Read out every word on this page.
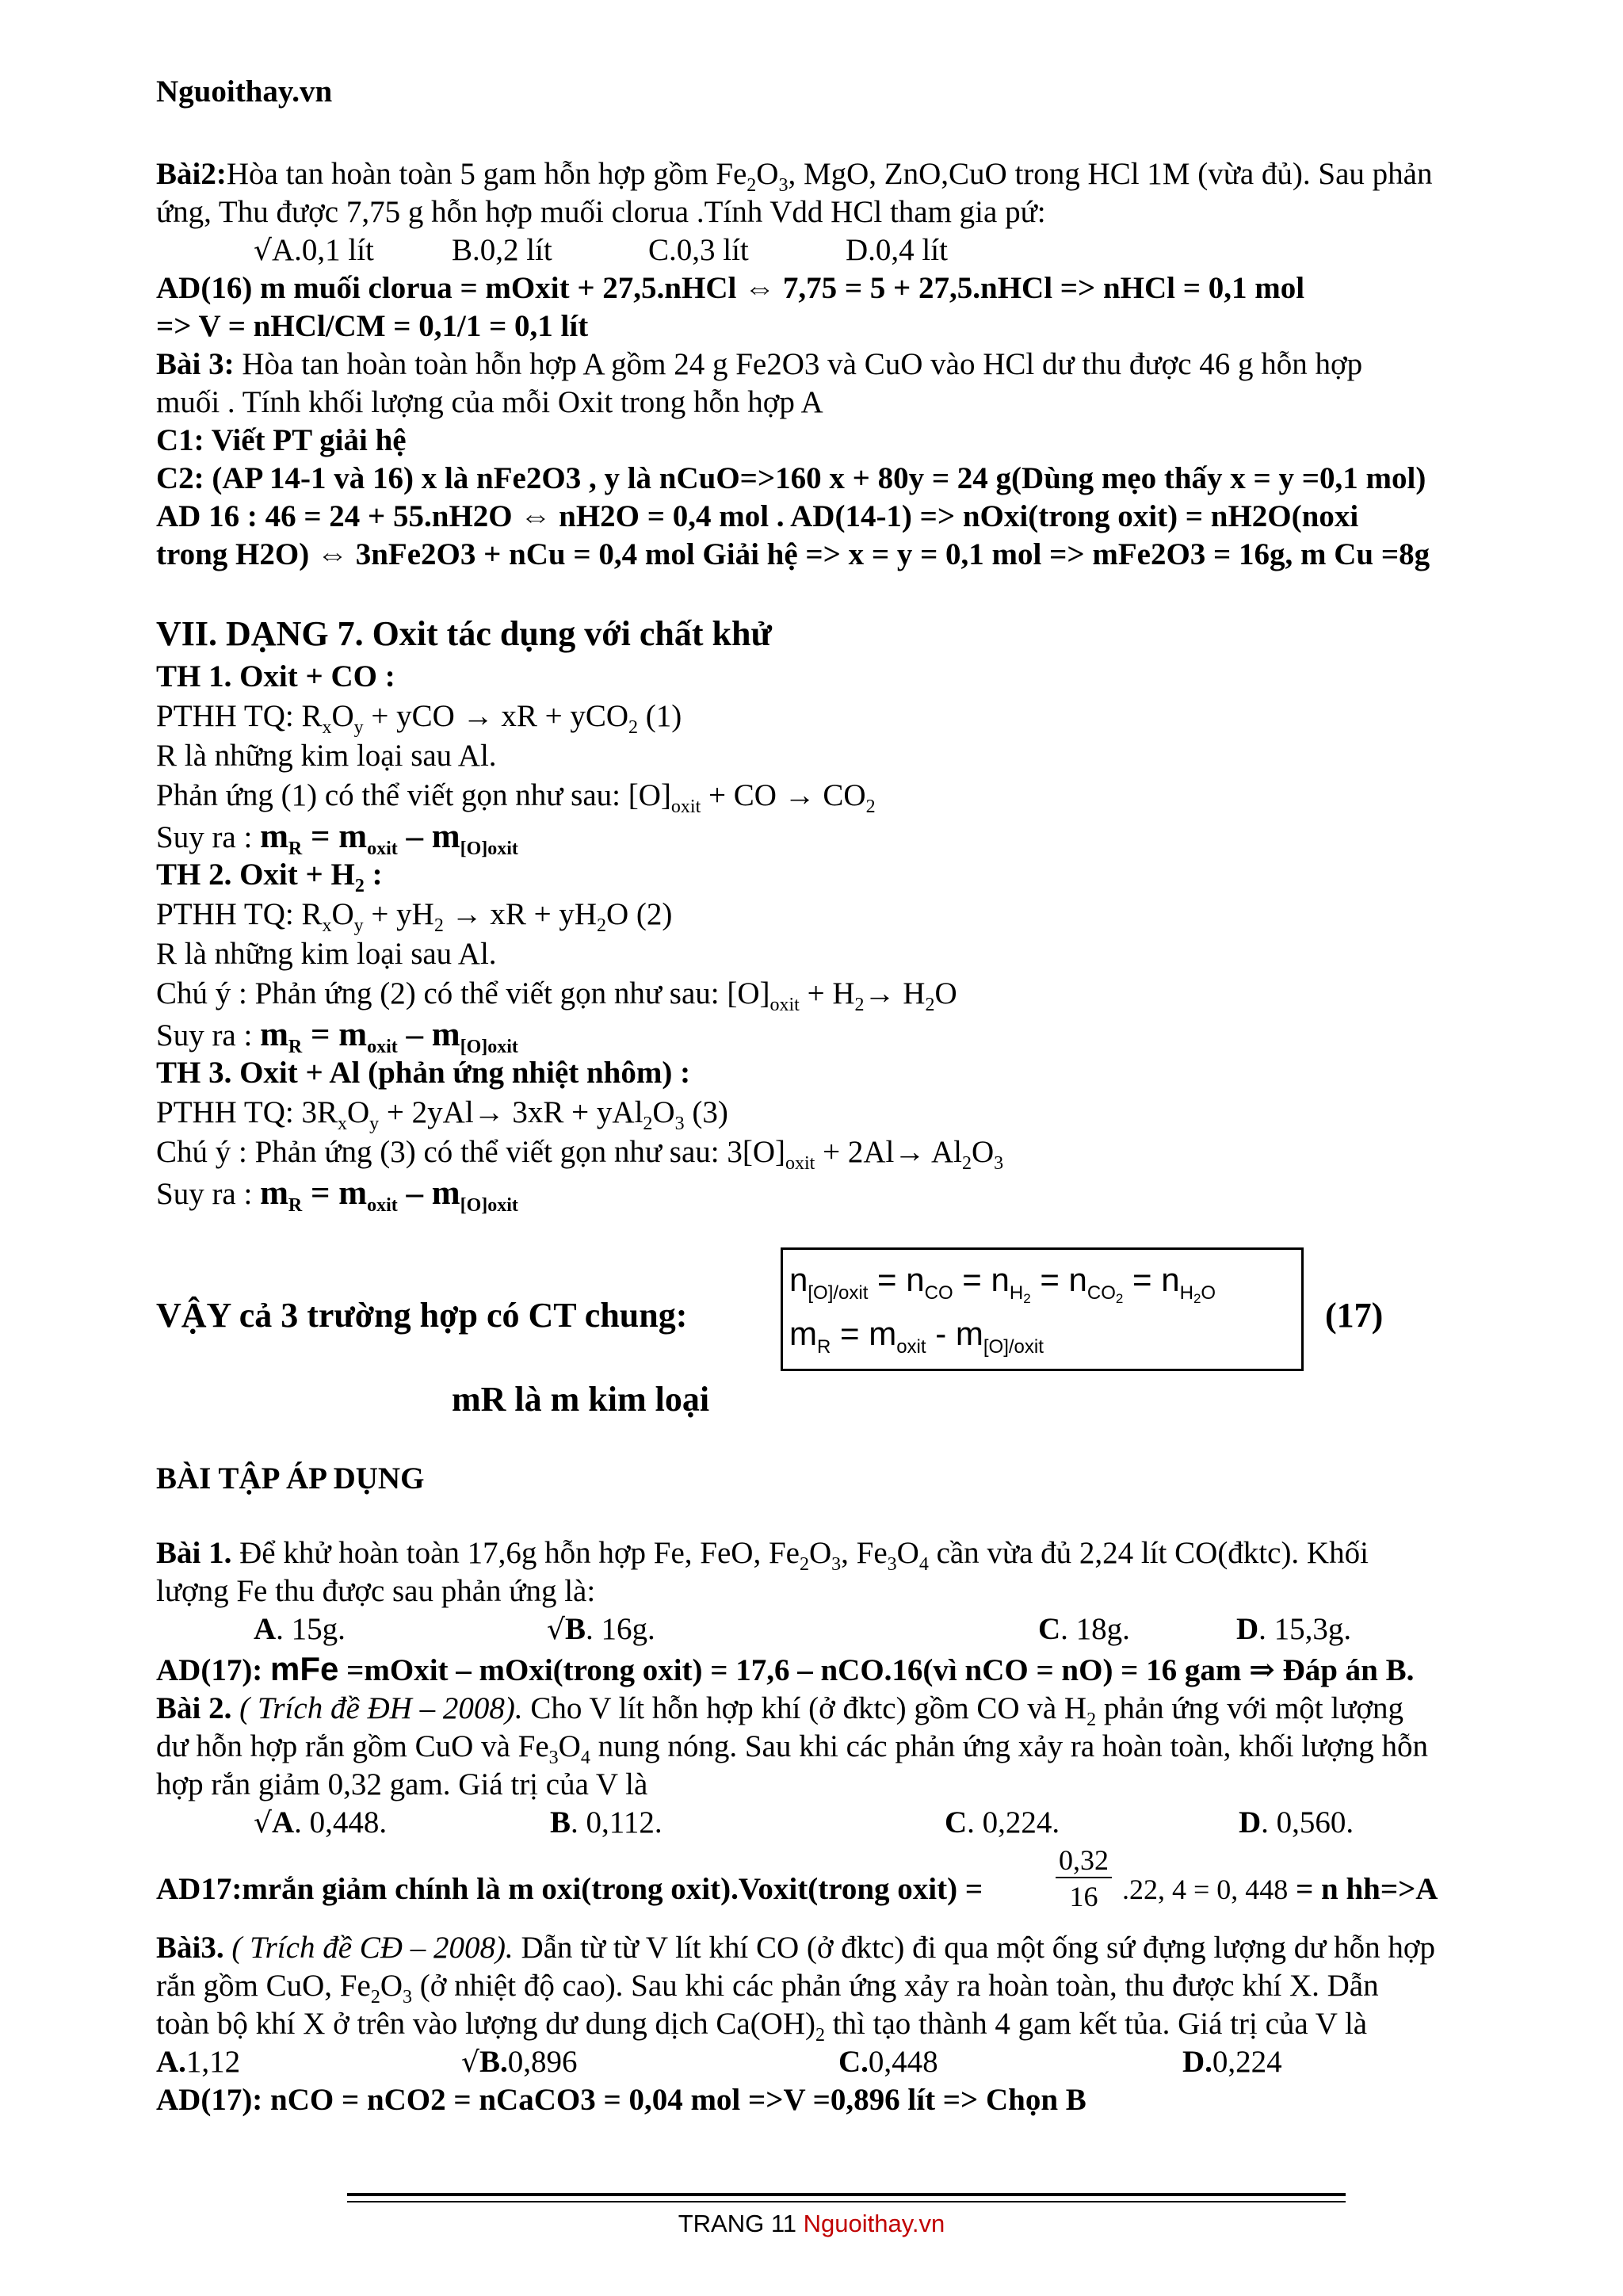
Nguoithay.vn
Bài2:Hòa tan hoàn toàn 5 gam hỗn hợp gồm $Fe_2O_3$, MgO, ZnO,CuO trong HCl 1M (vừa đủ). Sau phản
ứng, Thu được 7,75 g hỗn hợp muối clorua .Tính Vdd HCl tham gia pứ:
√A.0,1 lít	B.0,2 lít	C.0,3 lít	D.0,4 lít
AD(16) m muối clorua = mOxit + 27,5.nHCl ⇔ 7,75 = 5 + 27,5.nHCl => nHCl = 0,1 mol
=> V = nHCl/CM = 0,1/1 = 0,1 lít
Bài 3: Hòa tan hoàn toàn hỗn hợp A gồm 24 g Fe2O3 và CuO vào HCl dư thu được 46 g hỗn hợp
muối . Tính khối lượng của mỗi Oxit trong hỗn hợp A
C1: Viết PT giải hệ
C2: (AP 14-1 và 16) x là nFe2O3 , y là nCuO=>160 x + 80y = 24 g(Dùng mẹo thấy x = y =0,1 mol)
AD 16 : 46 = 24 + 55.nH2O ⇔ nH2O = 0,4 mol . AD(14-1) => nOxi(trong oxit) = nH2O(noxi
trong H2O) ⇔ 3nFe2O3 + nCu = 0,4 mol Giải hệ => x = y = 0,1 mol => mFe2O3 = 16g, m Cu =8g
VII. DẠNG 7. Oxit tác dụng với chất khử
TH 1. Oxit + CO :
PTHH TQ: $R_xO_y$ + yCO → xR + yCO$_2$ (1)
R là những kim loại sau Al.
Phản ứng (1) có thể viết gọn như sau: $[O]_{oxit}$ + CO → $CO_2$
Suy ra : $m_R = m_{oxit} - m_{[O]oxit}$
TH 2. Oxit + $H_2$ :
PTHH TQ: $R_xO_y + yH_2$ → xR + $yH_2O$ (2)
R là những kim loại sau Al.
Chú ý : Phản ứng (2) có thể viết gọn như sau: $[O]_{oxit} + H_2\to H_2O$
Suy ra : $m_R = m_{oxit} - m_{[O]oxit}$
TH 3. Oxit + Al (phản ứng nhiệt nhôm) :
PTHH TQ: $3R_xO_y + 2yAl\to 3xR + yAl_2O_3$ (3)
Chú ý : Phản ứng (3) có thể viết gọn như sau: $3[O]_{oxit} + 2Al\to Al_2O_3$
Suy ra : $m_R = m_{oxit} - m_{[O]oxit}$
VẬY cả 3 trường hợp có CT chung:
$n_{[O]/oxit} = n_{CO} = n_{H_2} = n_{CO_2} = n_{H_2O}$
$m_R = m_{oxit} - m_{[O]/oxit}$
(17)
mR là m kim loại
BÀI TẬP ÁP DỤNG
Bài 1. Để khử hoàn toàn 17,6g hỗn hợp Fe, FeO, $Fe_2O_3$, $Fe_3O_4$ cần vừa đủ 2,24 lít CO(đktc). Khối
lượng Fe thu được sau phản ứng là:
A. 15g.	√B. 16g.	C. 18g.	D. 15,3g.
AD(17): mFe =mOxit – mOxi(trong oxit) = 17,6 – nCO.16(vì nCO = nO) = 16 gam ⇒ Đáp án B.
Bài 2. ( Trích đề ĐH – 2008). Cho V lít hỗn hợp khí (ở đktc) gồm CO và $H_2$ phản ứng với một lượng
dư hỗn hợp rắn gồm CuO và $Fe_3O_4$ nung nóng. Sau khi các phản ứng xảy ra hoàn toàn, khối lượng hỗn
hợp rắn giảm 0,32 gam. Giá trị của V là
√A. 0,448.	B. 0,112.	C. 0,224.	D. 0,560.
AD17:mrắn giảm chính là m oxi(trong oxit).Voxit(trong oxit) =	$\frac{0,32}{16} .22$, 4 = 0, 448 = n hh=>A
Bài3. ( Trích đề CĐ – 2008). Dẫn từ từ V lít khí CO (ở đktc) đi qua một ống sứ đựng lượng dư hỗn hợp
rắn gồm CuO, $Fe_2O_3$ (ở nhiệt độ cao). Sau khi các phản ứng xảy ra hoàn toàn, thu được khí X. Dẫn
toàn bộ khí X ở trên vào lượng dư dung dịch $Ca(OH)_2$ thì tạo thành 4 gam kết tủa. Giá trị của V là
A.1,12	√B.0,896	C.0,448	D.0,224
AD(17): nCO = nCO2 = nCaCO3 = 0,04 mol =>V =0,896 lít => Chọn B
TRANG 11 Nguoithay.vn
